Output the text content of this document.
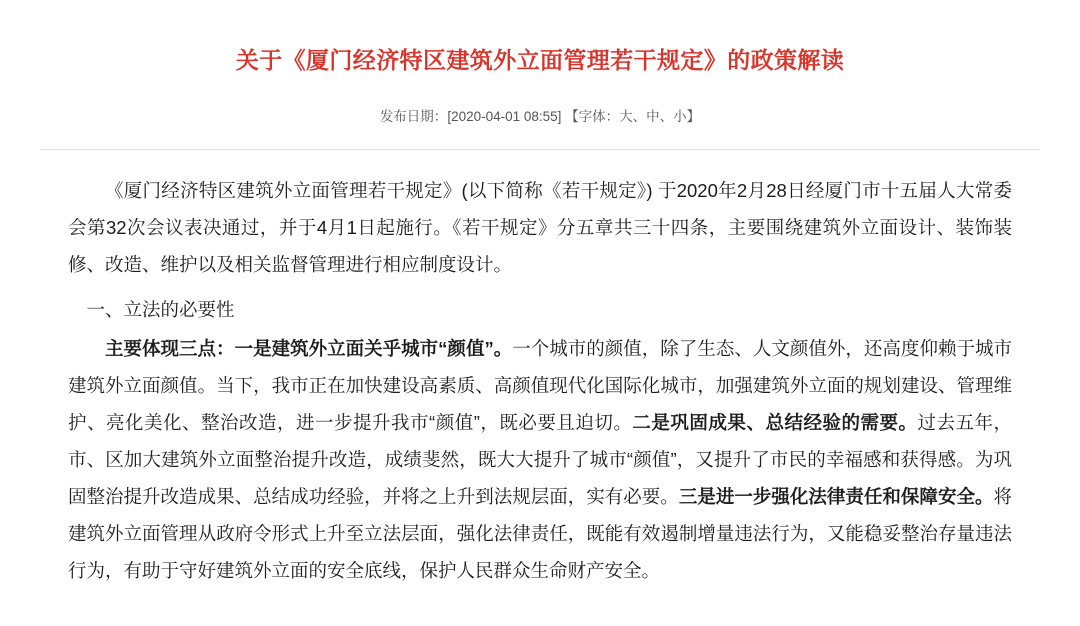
关于《厦门经济特区建筑外立面管理若干规定》的政策解读
发布日期：[2020-04-01 08:55] 【字体：大、中、小】

《厦门经济特区建筑外立面管理若干规定》(以下简称《若干规定》) 于2020年2月28日经厦门市十五届人大常委会第32次会议表决通过，并于4月1日起施行。《若干规定》分五章共三十四条，主要围绕建筑外立面设计、装饰装修、改造、维护以及相关监督管理进行相应制度设计。

一、立法的必要性

主要体现三点：一是建筑外立面关乎城市“颜值”。一个城市的颜值，除了生态、人文颜值外，还高度仰赖于城市建筑外立面颜值。当下，我市正在加快建设高素质、高颜值现代化国际化城市，加强建筑外立面的规划建设、管理维护、亮化美化、整治改造，进一步提升我市“颜值”，既必要且迫切。二是巩固成果、总结经验的需要。过去五年，市、区加大建筑外立面整治提升改造，成绩斐然，既大大提升了城市“颜值”，又提升了市民的幸福感和获得感。为巩固整治提升改造成果、总结成功经验，并将之上升到法规层面，实有必要。三是进一步强化法律责任和保障安全。将建筑外立面管理从政府令形式上升至立法层面，强化法律责任，既能有效遏制增量违法行为，又能稳妥整治存量违法行为，有助于守好建筑外立面的安全底线，保护人民群众生命财产安全。
